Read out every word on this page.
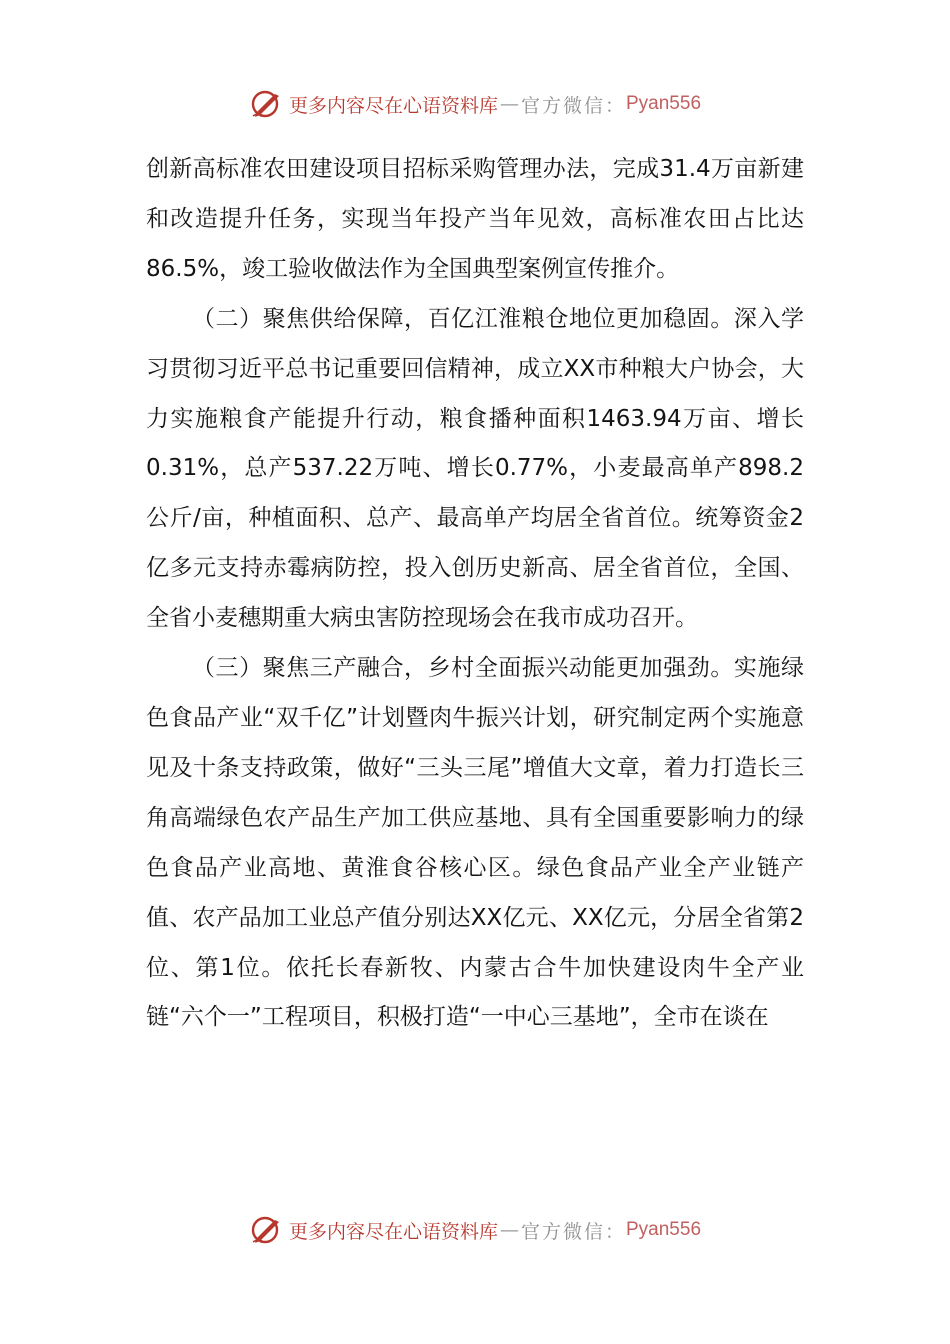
更多内容尽在心语资料库 — 官方微信： Pyan556

创新高标准农田建设项目招标采购管理办法，完成31.4万亩新建和改造提升任务，实现当年投产当年见效，高标准农田占比达86.5%，竣工验收做法作为全国典型案例宣传推介。

（二）聚焦供给保障，百亿江淮粮仓地位更加稳固。深入学习贯彻习近平总书记重要回信精神，成立XX市种粮大户协会，大力实施粮食产能提升行动，粮食播种面积1463.94万亩、增长0.31%，总产537.22万吨、增长0.77%，小麦最高单产898.2公斤/亩，种植面积、总产、最高单产均居全省首位。统筹资金2亿多元支持赤霉病防控，投入创历史新高、居全省首位，全国、全省小麦穗期重大病虫害防控现场会在我市成功召开。

（三）聚焦三产融合，乡村全面振兴动能更加强劲。实施绿色食品产业“双千亿”计划暨肉牛振兴计划，研究制定两个实施意见及十条支持政策，做好“三头三尾”增值大文章，着力打造长三角高端绿色农产品生产加工供应基地、具有全国重要影响力的绿色食品产业高地、黄淮食谷核心区。绿色食品产业全产业链产值、农产品加工业总产值分别达XX亿元、XX亿元，分居全省第2位、第1位。依托长春新牧、内蒙古合牛加快建设肉牛全产业链“六个一”工程项目，积极打造“一中心三基地”，全市在谈在

更多内容尽在心语资料库 — 官方微信： Pyan556
